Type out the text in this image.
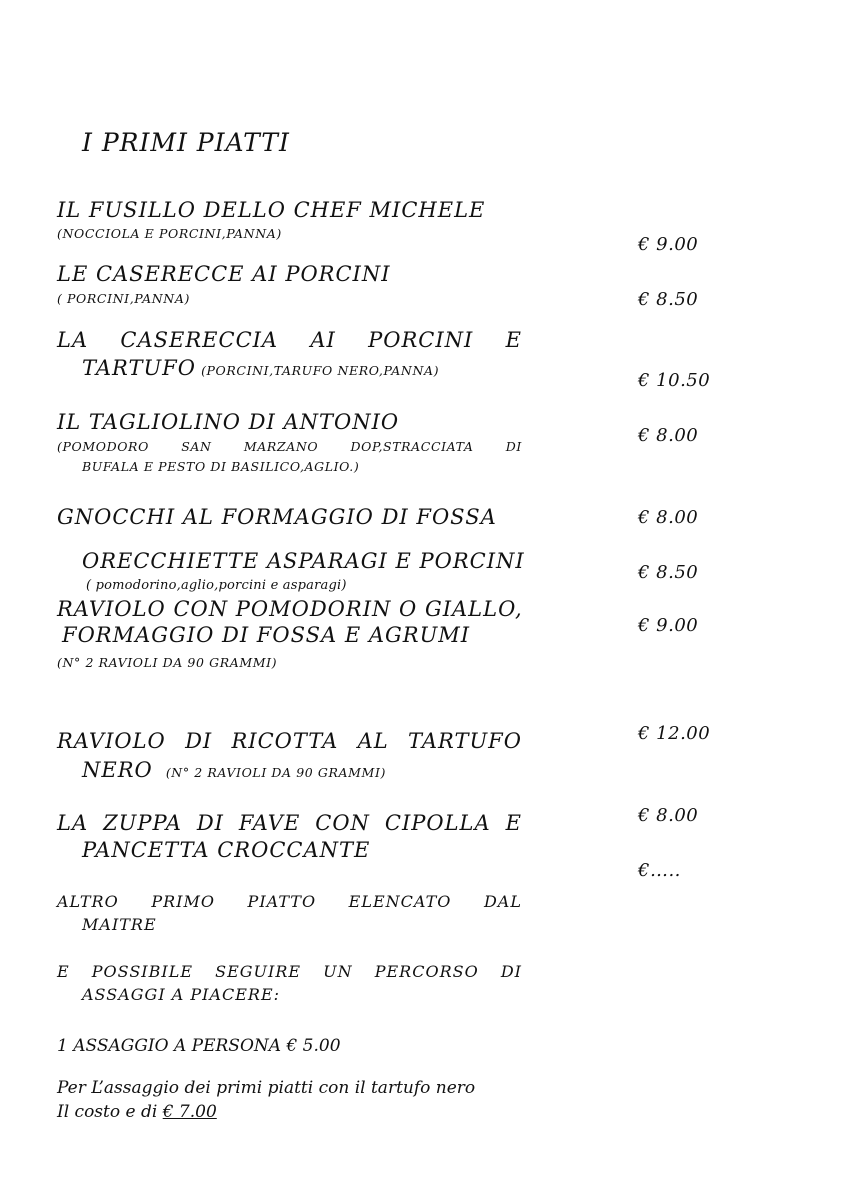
I PRIMI PIATTI
IL FUSILLO DELLO CHEF MICHELE
(NOCCIOLA E PORCINI,PANNA)
€ 9.00
LE CASERECCE AI PORCINI
( PORCINI,PANNA)	€ 8.50
LA CASERECCIA AI PORCINI E
TARTUFO (PORCINI,TARUFO NERO,PANNA)	€ 10.50
IL TAGLIOLINO DI ANTONIO
(POMODORO	SAN	MARZANO	DOP,STRACCIATA	DI
BUFALA E PESTO DI BASILICO,AGLIO.)
€ 8.00
GNOCCHI AL FORMAGGIO DI FOSSA	€ 8.00
ORECCHIETTE ASPARAGI E PORCINI
( pomodorino,aglio,porcini e asparagi)
€ 8.50
RAVIOLO CON POMODORIN O GIALLO,
FORMAGGIO DI FOSSA E AGRUMI
(N° 2 RAVIOLI DA 90 GRAMMI)
€ 9.00
RAVIOLO DI RICOTTA AL TARTUFO
NERO (N° 2 RAVIOLI DA 90 GRAMMI)
€ 12.00
LA ZUPPA DI FAVE CON CIPOLLA E
PANCETTA CROCCANTE
€ 8.00
€…..
ALTRO PRIMO PIATTO ELENCATO DAL
MAITRE
E POSSIBILE SEGUIRE UN PERCORSO DI
ASSAGGI A PIACERE:
1 ASSAGGIO A PERSONA € 5.00
Per L’assaggio dei primi piatti con il tartufo nero
Il costo e di € 7.00
